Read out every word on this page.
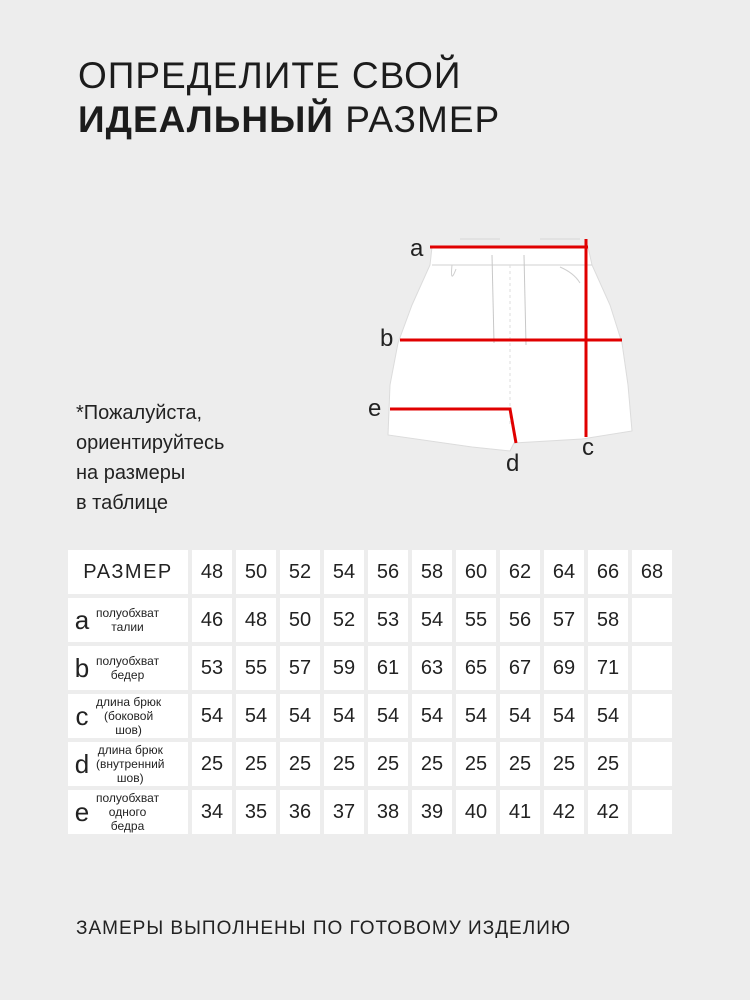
ОПРЕДЕЛИТЕ СВОЙ
ИДЕАЛЬНЫЙ РАЗМЕР
a
b
e
d
c
*Пожалуйста,
ориентируйтесь
на размеры
в таблице
РАЗМЕР	48	50	52	54	56	58	60	62	64	66	68

a полуобхват
талии	46	48	50	52	53	54	55	56	57	58	

b полуобхват
бедер	53	55	57	59	61	63	65	67	69	71	

c длина брюк
(боковой
шов)	54	54	54	54	54	54	54	54	54	54	

d длина брюк
(внутренний
шов)	25	25	25	25	25	25	25	25	25	25	

e полуобхват
одного
бедра	34	35	36	37	38	39	40	41	42	42	
ЗАМЕРЫ ВЫПОЛНЕНЫ ПО ГОТОВОМУ ИЗДЕЛИЮ
